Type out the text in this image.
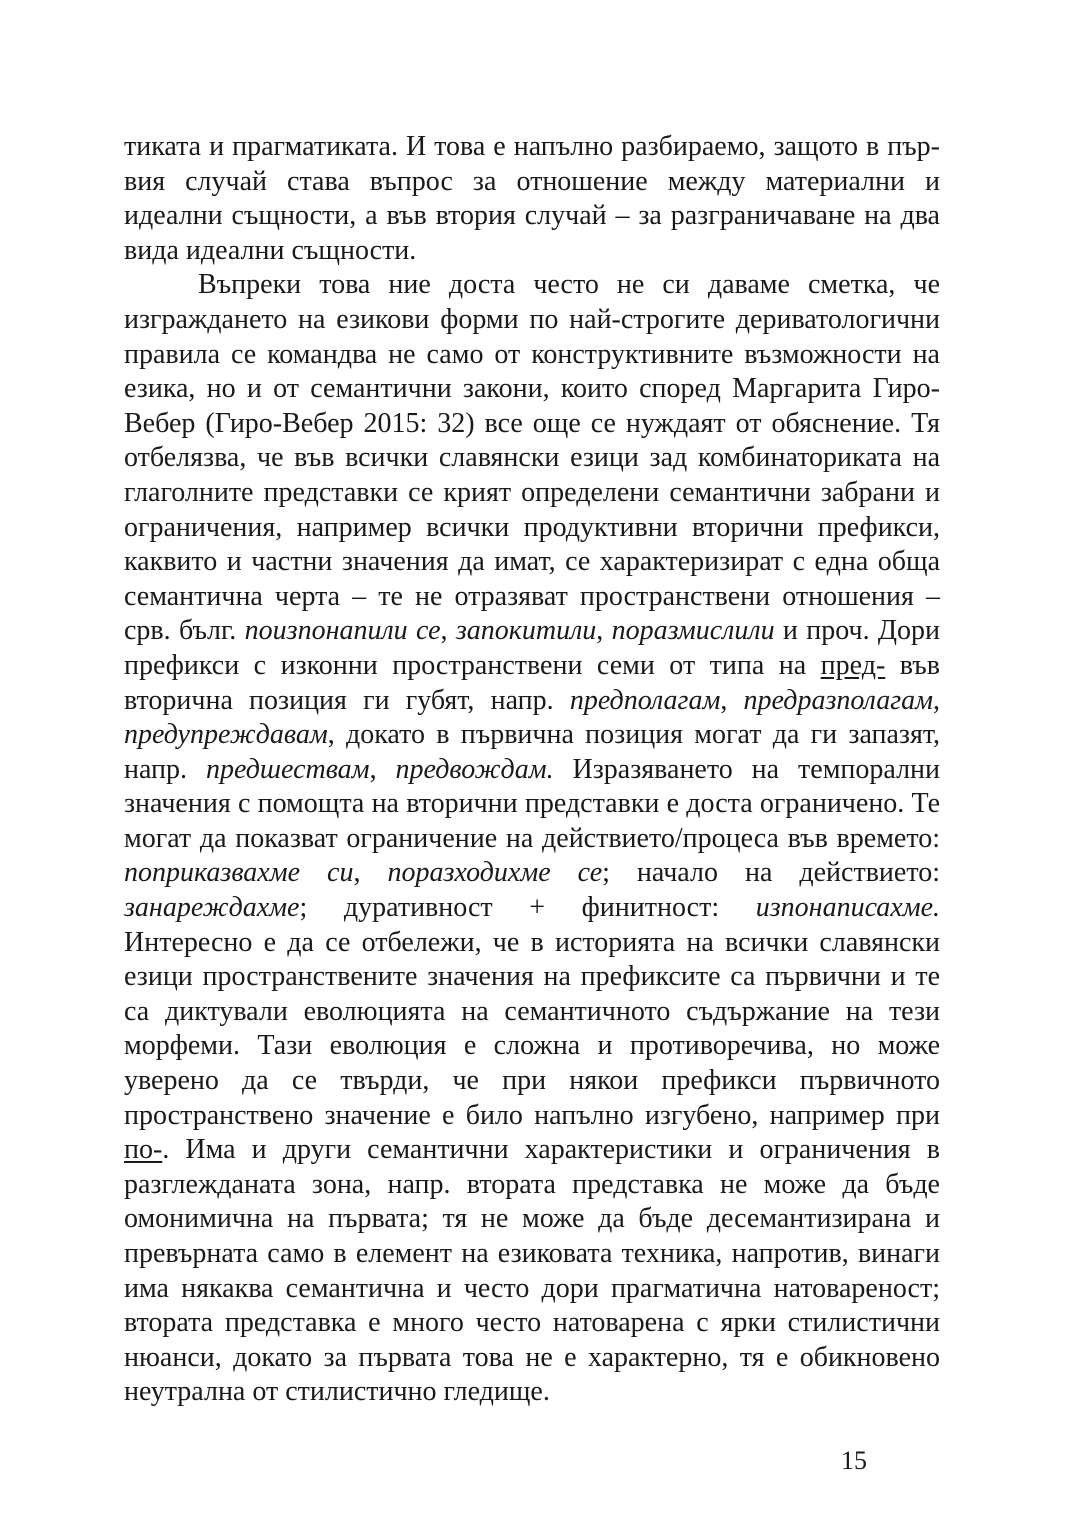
тиката и прагматиката. И това е напълно разбираемо, защото в първия случай става въпрос за отношение между материални и идеални същности, а във втория случай – за разграничаване на два вида идеални същности.

Въпреки това ние доста често не си даваме сметка, че изграждането на езикови форми по най-строгите дериватологични правила се командва не само от конструктивните възможности на езика, но и от семантични закони, които според Маргарита Гиро-Вебер (Гиро-Вебер 2015: 32) все още се нуждаят от обяснение. Тя отбелязва, че във всички славянски езици зад комбинаториката на глаголните представки се крият определени семантични забрани и ограничения, например всички продуктивни вторични префикси, каквито и частни значения да имат, се характеризират с една обща семантична черта – те не отразяват пространствени отношения – срв. бълг. поизпонапили се, запокитили, поразмислили и проч. Дори префикси с изконни пространствени семи от типа на пред- във вторична позиция ги губят, напр. предполагам, предразполагам, предупреждавам, докато в първична позиция могат да ги запазят, напр. предшествам, предвождам. Изразяването на темпорални значения с помощта на вторични представки е доста ограничено. Те могат да показват ограничение на действието/процеса във времето: поприказвахме си, поразходихме се; начало на действието: занареждахме; дуративност + финитност: изпонаписахме. Интересно е да се отбележи, че в историята на всички славянски езици пространствените значения на префиксите са първични и те са диктували еволюцията на семантичното съдържание на тези морфеми. Тази еволюция е сложна и противоречива, но може уверено да се твърди, че при някои префикси първичното пространствено значение е било напълно изгубено, например при по-. Има и други семантични характеристики и ограничения в разглежданата зона, напр. втората представка не може да бъде омонимична на първата; тя не може да бъде десемантизирана и превърната само в елемент на езиковата техника, напротив, винаги има някаква семантична и често дори прагматична натовареност; втората представка е много често натоварена с ярки стилистични нюанси, докато за първата това не е характерно, тя е обикновено неутрална от стилистично гледище.

15
